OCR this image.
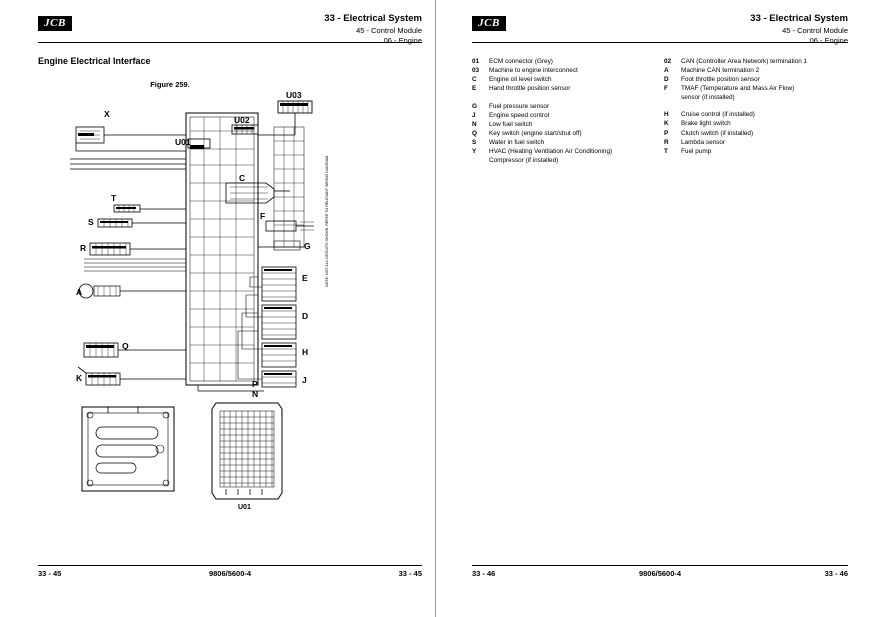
JCB	33 - Electrical System
45 - Control Module
06 - Engine
Engine Electrical Interface
Figure 259.
X
U03
U02
U01
C
T
S
F
R	G
E
A
D
H
Q
J
K
P
N
U01
NOTE: NOT ALL CIRCUITS SHOWN. REFER TO RELEVANT WIRING DIAGRAM.
33 - 45	9806/5600-4	33 - 45
JCB	33 - Electrical System
45 - Control Module
06 - Engine
01	ECM connector (Grey)
03	Machine to engine interconnect
C	Engine oil level switch
E	Hand throttle position sensor
G	Fuel pressure sensor
J	Engine speed control
N	Low fuel switch
Q	Key switch (engine start/shut off)
S	Water in fuel switch
Y	HVAC (Heating Ventilation Air Conditioning)
Compressor (if installed)
02	CAN (Controller Area Network) termination 1
A	Machine CAN termination 2
D	Foot throttle position sensor
F	TMAF (Temperature and Mass Air Flow)
sensor (if installed)
H	Cruise control (if installed)
K	Brake light switch
P	Clutch switch (if installed)
R	Lambda sensor
T	Fuel pump
33 - 46	9806/5600-4	33 - 46
